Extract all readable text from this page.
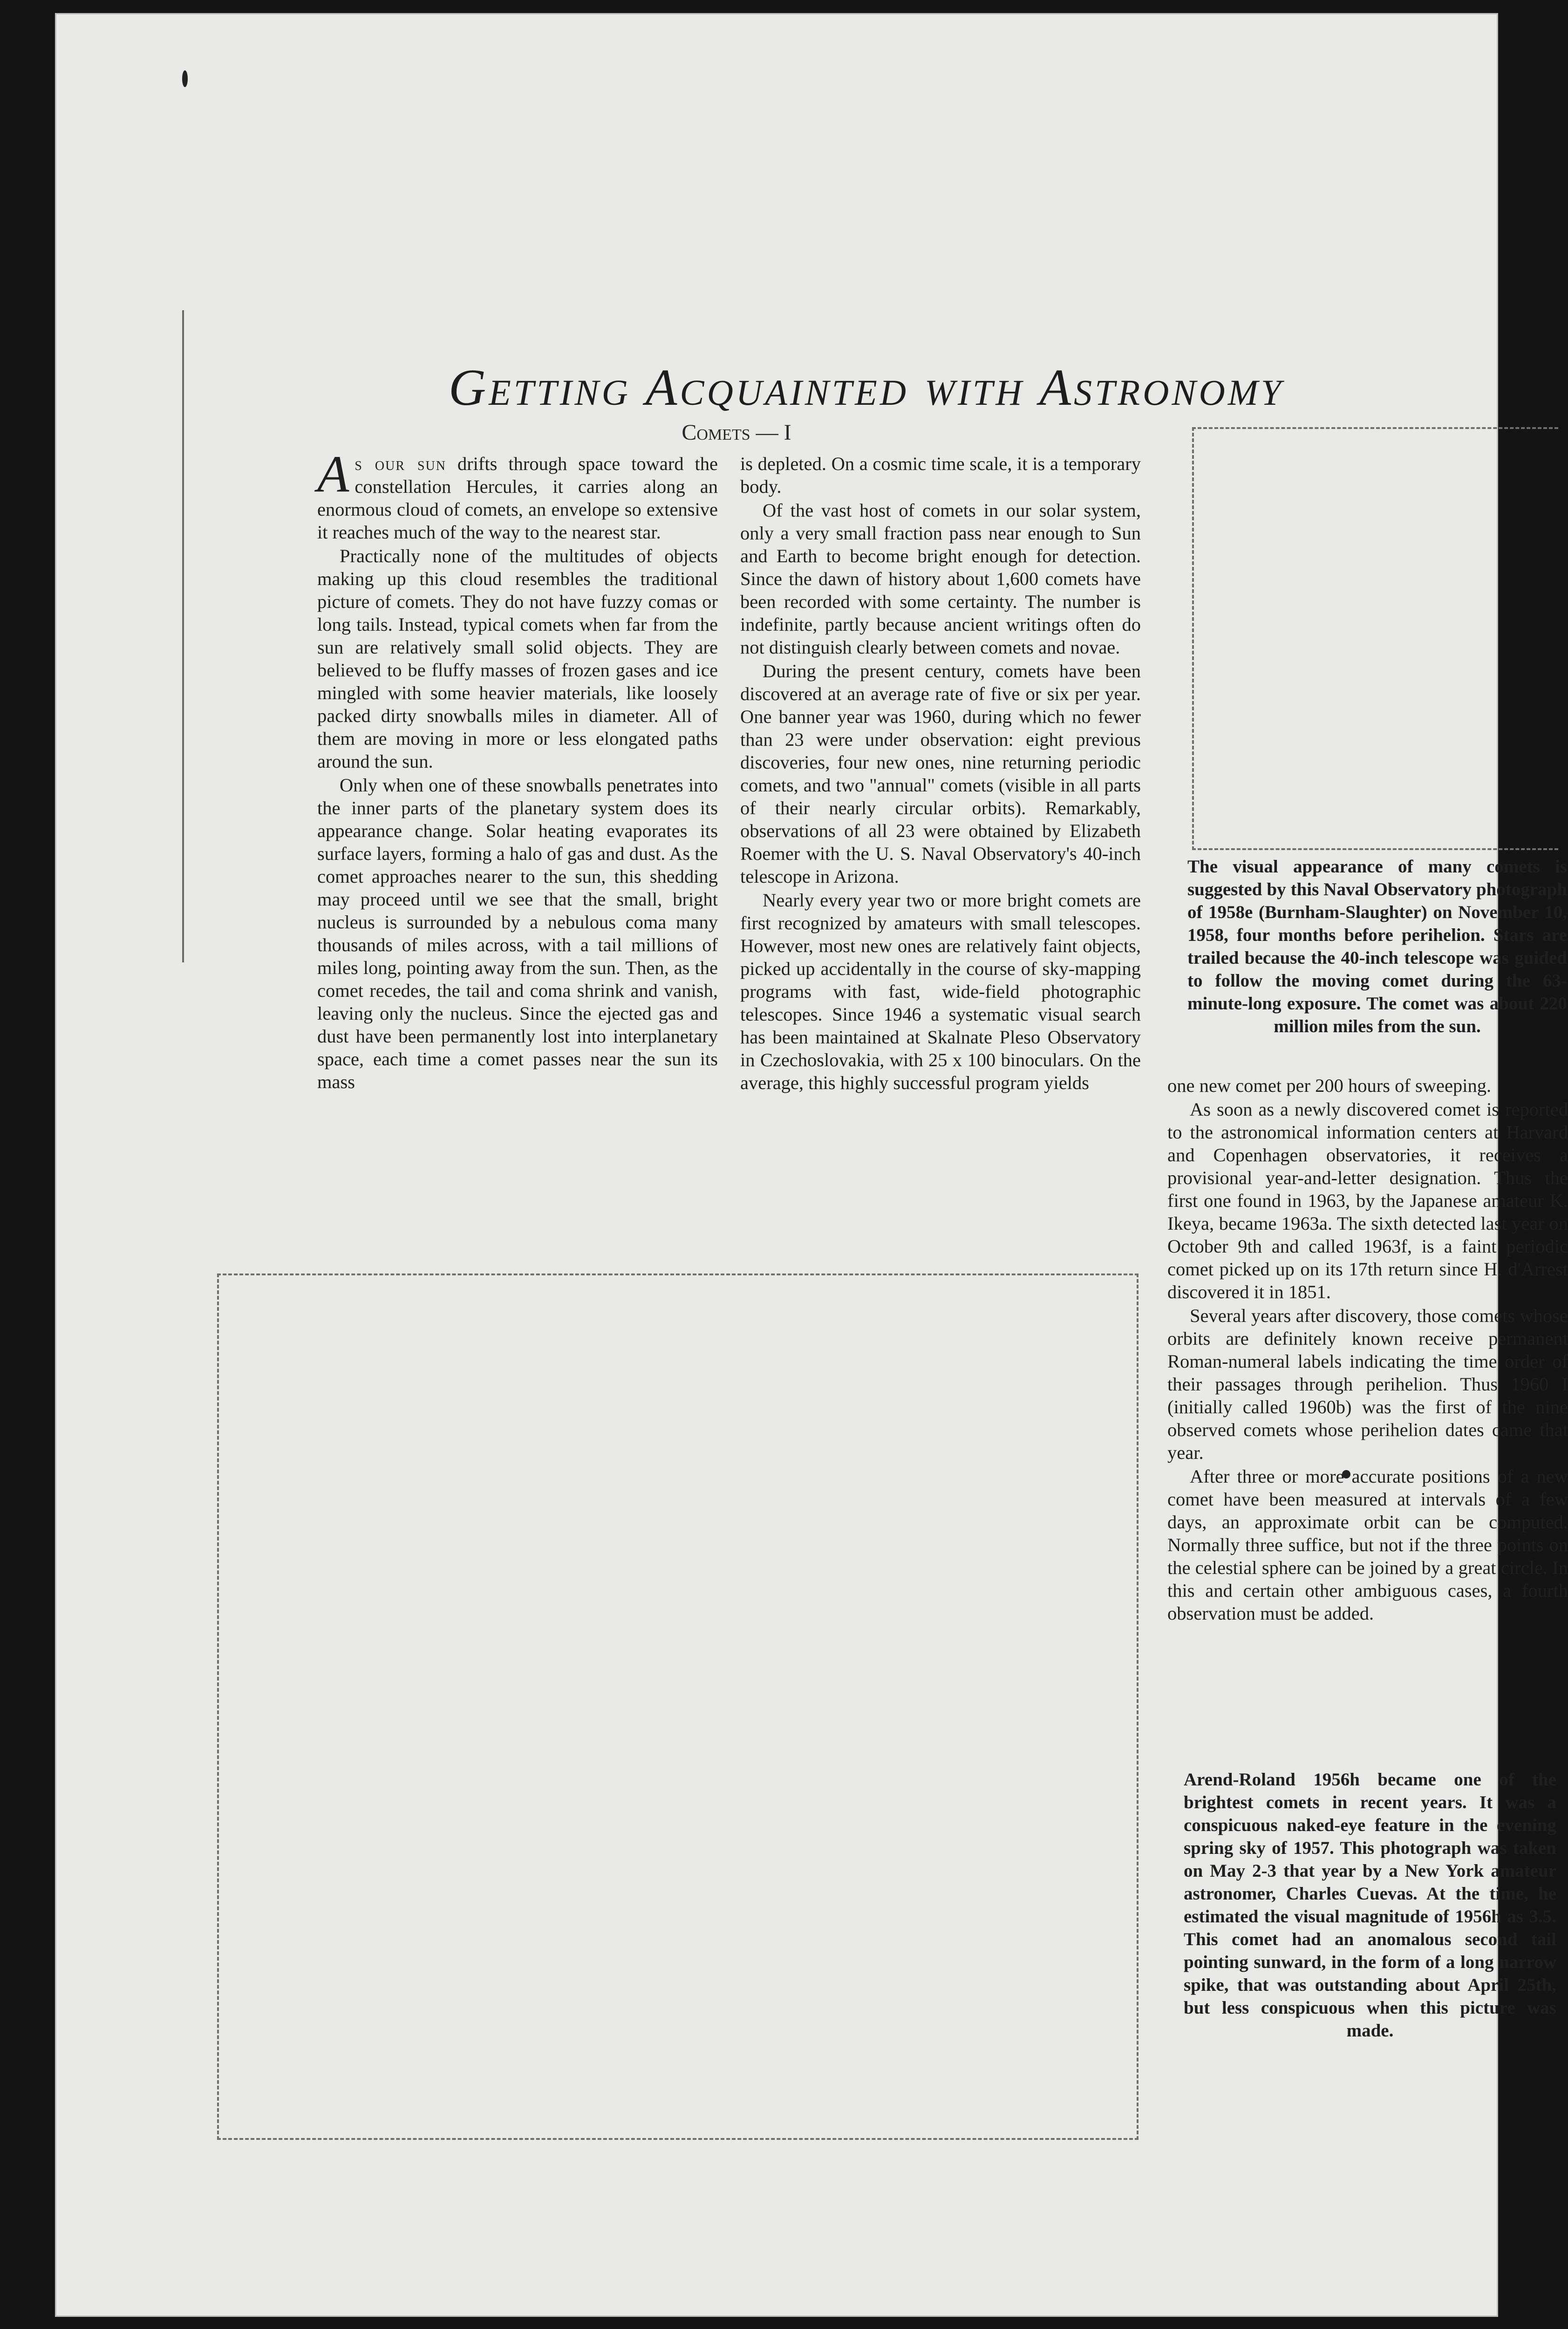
Getting Acquainted with Astronomy
Comets — I

As our sun drifts through space toward the constellation Hercules, it carries along an enormous cloud of comets, an envelope so extensive it reaches much of the way to the nearest star.

Practically none of the multitudes of objects making up this cloud resembles the traditional picture of comets. They do not have fuzzy comas or long tails. Instead, typical comets when far from the sun are relatively small solid objects. They are believed to be fluffy masses of frozen gases and ice mingled with some heavier materials, like loosely packed dirty snowballs miles in diameter. All of them are moving in more or less elongated paths around the sun.

Only when one of these snowballs penetrates into the inner parts of the planetary system does its appearance change. Solar heating evaporates its surface layers, forming a halo of gas and dust. As the comet approaches nearer to the sun, this shedding may proceed until we see that the small, bright nucleus is surrounded by a nebulous coma many thousands of miles across, with a tail millions of miles long, pointing away from the sun. Then, as the comet recedes, the tail and coma shrink and vanish, leaving only the nucleus. Since the ejected gas and dust have been permanently lost into interplanetary space, each time a comet passes near the sun its mass

is depleted. On a cosmic time scale, it is a temporary body.

Of the vast host of comets in our solar system, only a very small fraction pass near enough to Sun and Earth to become bright enough for detection. Since the dawn of history about 1,600 comets have been recorded with some certainty. The number is indefinite, partly because ancient writings often do not distinguish clearly between comets and novae.

During the present century, comets have been discovered at an average rate of five or six per year. One banner year was 1960, during which no fewer than 23 were under observation: eight previous discoveries, four new ones, nine returning periodic comets, and two "annual" comets (visible in all parts of their nearly circular orbits). Remarkably, observations of all 23 were obtained by Elizabeth Roemer with the U. S. Naval Observatory's 40-inch telescope in Arizona.

Nearly every year two or more bright comets are first recognized by amateurs with small telescopes. However, most new ones are relatively faint objects, picked up accidentally in the course of sky-mapping programs with fast, wide-field photographic telescopes. Since 1946 a systematic visual search has been maintained at Skalnate Pleso Observatory in Czechoslovakia, with 25 x 100 binoculars. On the average, this highly successful program yields

The visual appearance of many comets is suggested by this Naval Observatory photograph of 1958e (Burnham-Slaughter) on November 10, 1958, four months before perihelion. Stars are trailed because the 40-inch telescope was guided to follow the moving comet during the 63-minute-long exposure. The comet was about 220 million miles from the sun.

one new comet per 200 hours of sweeping.

As soon as a newly discovered comet is reported to the astronomical information centers at Harvard and Copenhagen observatories, it receives a provisional year-and-letter designation. Thus the first one found in 1963, by the Japanese amateur K. Ikeya, became 1963a. The sixth detected last year on October 9th and called 1963f, is a faint periodic comet picked up on its 17th return since H. d'Arrest discovered it in 1851.

Several years after discovery, those comets whose orbits are definitely known receive permanent Roman-numeral labels indicating the time order of their passages through perihelion. Thus 1960 I (initially called 1960b) was the first of the nine observed comets whose perihelion dates came that year.

After three or more accurate positions of a new comet have been measured at intervals of a few days, an approximate orbit can be computed. Normally three suffice, but not if the three points on the celestial sphere can be joined by a great circle. In this and certain other ambiguous cases, a fourth observation must be added.

Arend-Roland 1956h became one of the brightest comets in recent years. It was a conspicuous naked-eye feature in the evening spring sky of 1957. This photograph was taken on May 2-3 that year by a New York amateur astronomer, Charles Cuevas. At the time, he estimated the visual magnitude of 1956h as 3.5. This comet had an anomalous second tail pointing sunward, in the form of a long narrow spike, that was outstanding about April 25th, but less conspicuous when this picture was made.
